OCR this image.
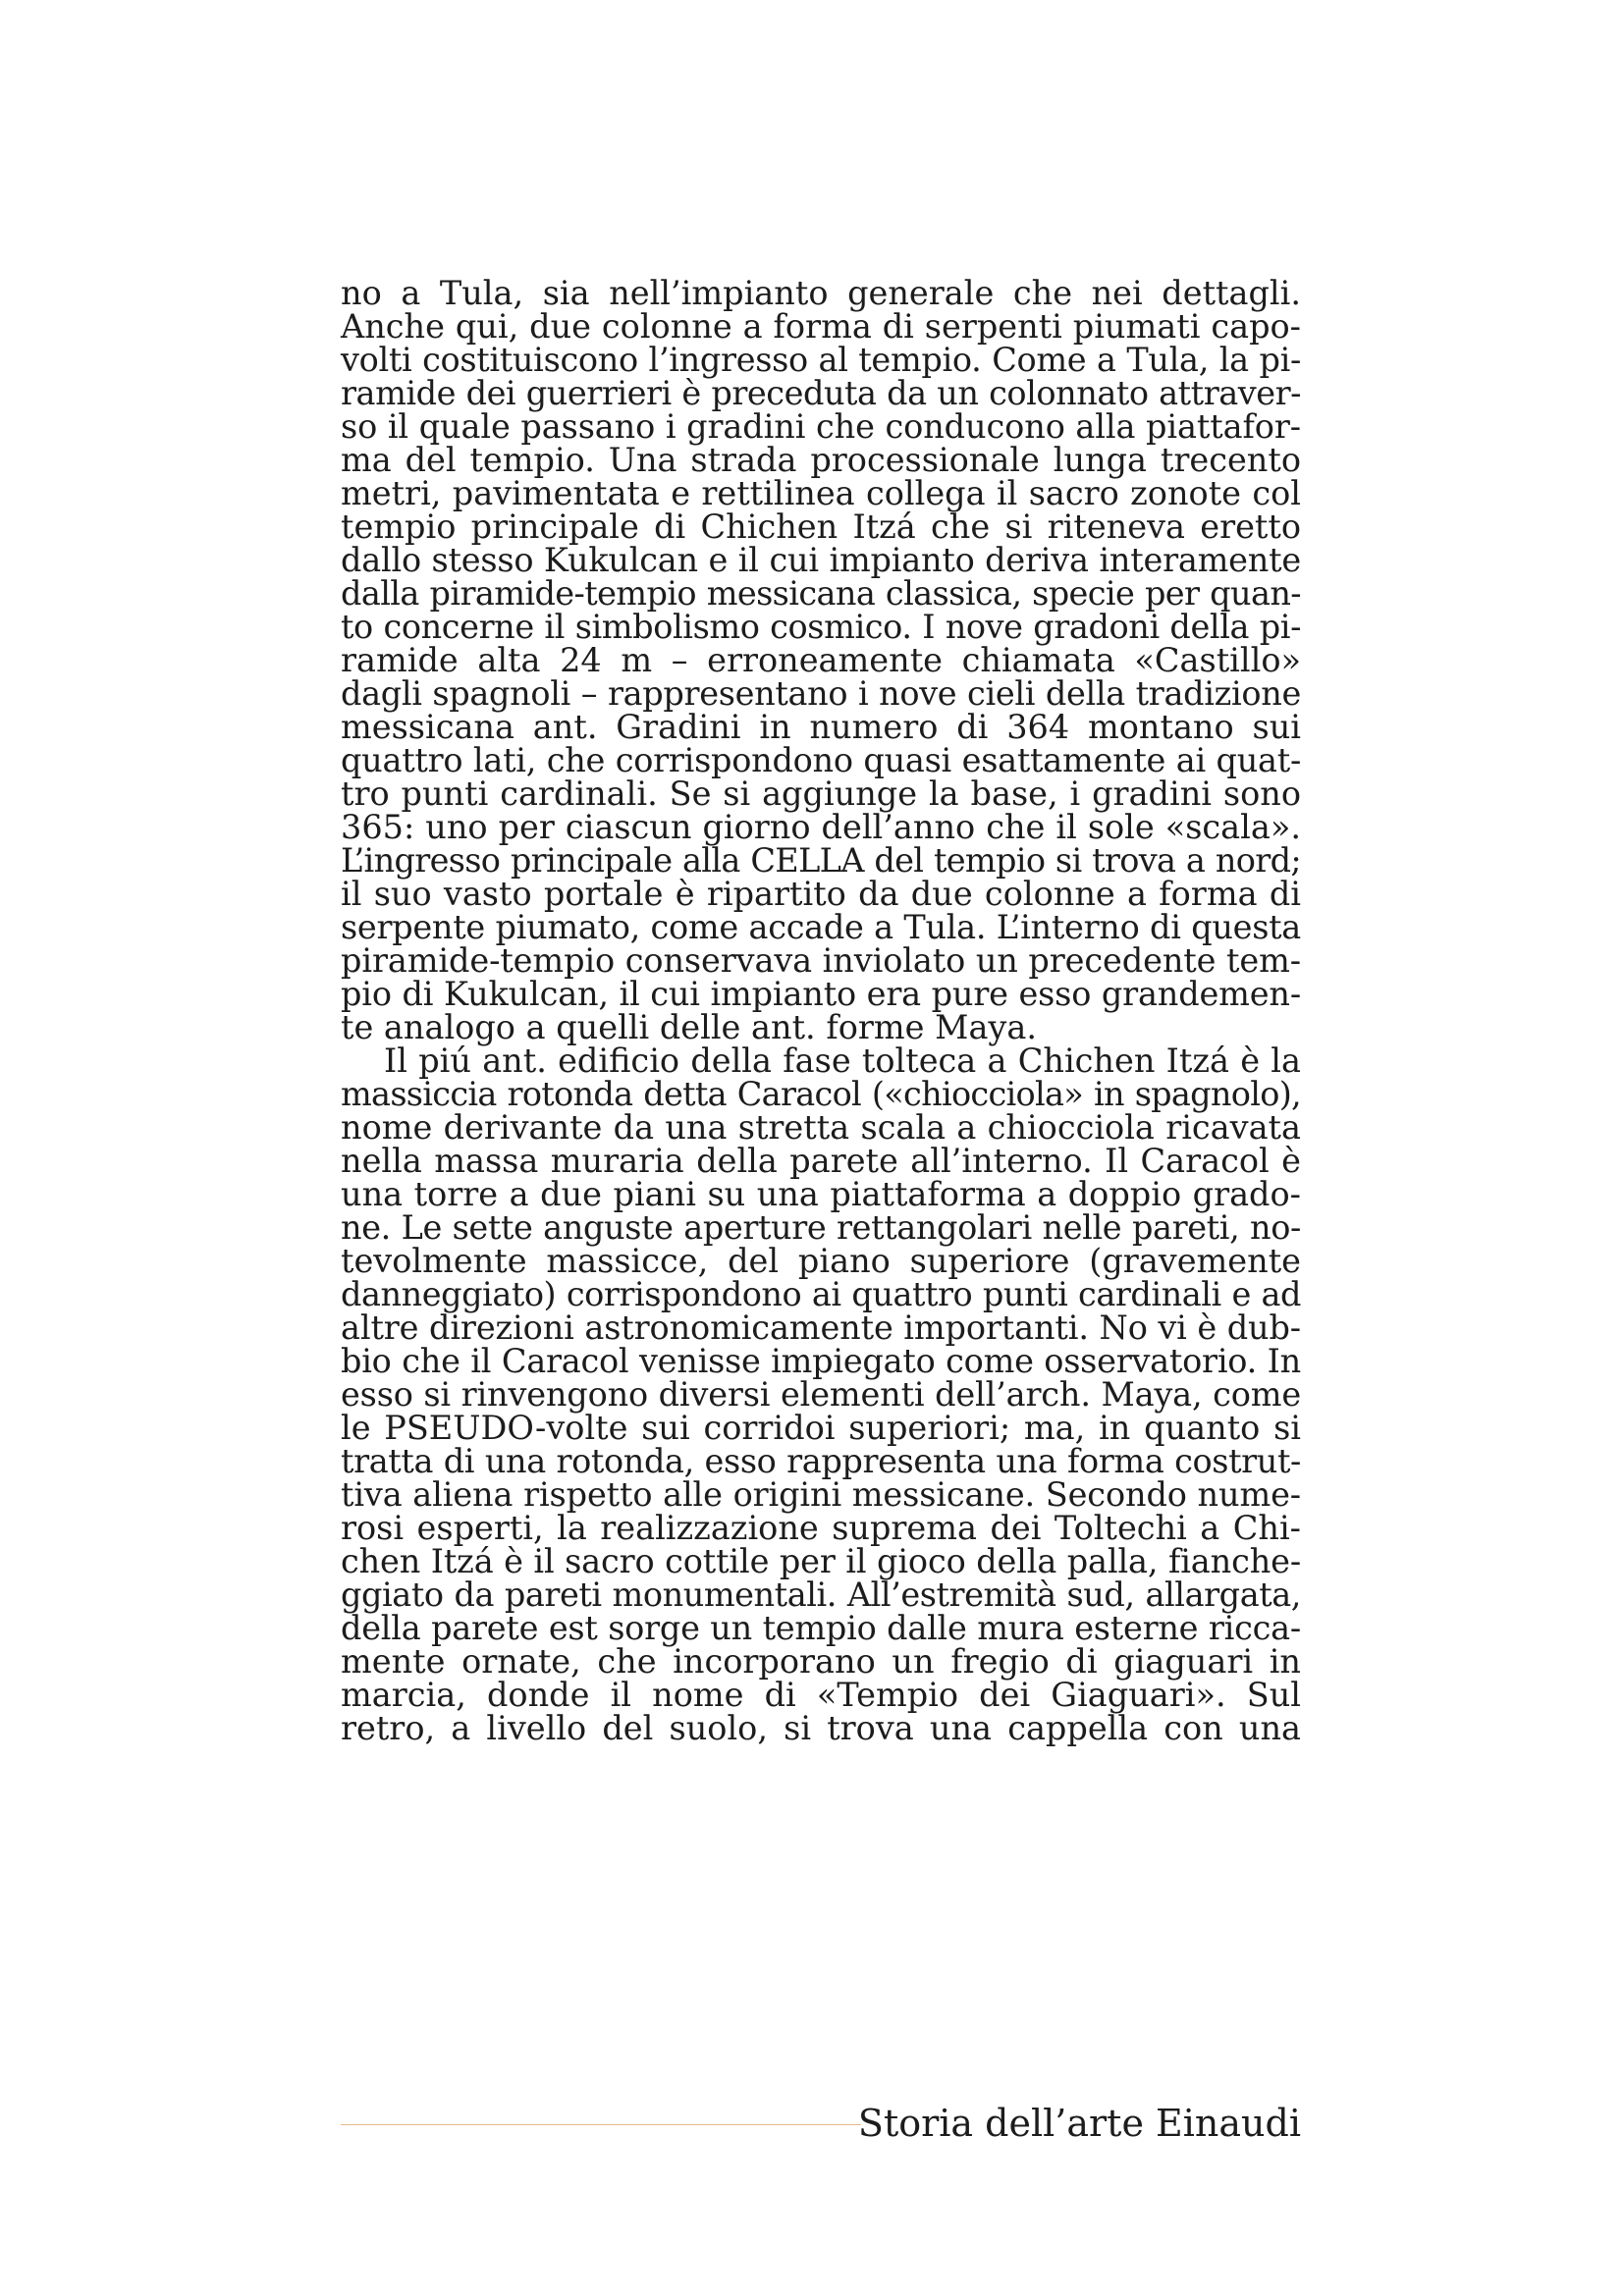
no a Tula, sia nell’impianto generale che nei dettagli.
Anche qui, due colonne a forma di serpenti piumati capo-
volti costituiscono l’ingresso al tempio. Come a Tula, la pi-
ramide dei guerrieri è preceduta da un colonnato attraver-
so il quale passano i gradini che conducono alla piattafor-
ma del tempio. Una strada processionale lunga trecento
metri, pavimentata e rettilinea collega il sacro zonote col
tempio principale di Chichen Itzá che si riteneva eretto
dallo stesso Kukulcan e il cui impianto deriva interamente
dalla piramide-tempio messicana classica, specie per quan-
to concerne il simbolismo cosmico. I nove gradoni della pi-
ramide alta 24 m – erroneamente chiamata «Castillo»
dagli spagnoli – rappresentano i nove cieli della tradizione
messicana ant. Gradini in numero di 364 montano sui
quattro lati, che corrispondono quasi esattamente ai quat-
tro punti cardinali. Se si aggiunge la base, i gradini sono
365: uno per ciascun giorno dell’anno che il sole «scala».
L’ingresso principale alla CELLA del tempio si trova a nord;
il suo vasto portale è ripartito da due colonne a forma di
serpente piumato, come accade a Tula. L’interno di questa
piramide-tempio conservava inviolato un precedente tem-
pio di Kukulcan, il cui impianto era pure esso grandemen-
te analogo a quelli delle ant. forme Maya.
Il piú ant. edificio della fase tolteca a Chichen Itzá è la
massiccia rotonda detta Caracol («chiocciola» in spagnolo),
nome derivante da una stretta scala a chiocciola ricavata
nella massa muraria della parete all’interno. Il Caracol è
una torre a due piani su una piattaforma a doppio grado-
ne. Le sette anguste aperture rettangolari nelle pareti, no-
tevolmente massicce, del piano superiore (gravemente
danneggiato) corrispondono ai quattro punti cardinali e ad
altre direzioni astronomicamente importanti. No vi è dub-
bio che il Caracol venisse impiegato come osservatorio. In
esso si rinvengono diversi elementi dell’arch. Maya, come
le PSEUDO-volte sui corridoi superiori; ma, in quanto si
tratta di una rotonda, esso rappresenta una forma costrut-
tiva aliena rispetto alle origini messicane. Secondo nume-
rosi esperti, la realizzazione suprema dei Toltechi a Chi-
chen Itzá è il sacro cottile per il gioco della palla, fianche-
ggiato da pareti monumentali. All’estremità sud, allargata,
della parete est sorge un tempio dalle mura esterne ricca-
mente ornate, che incorporano un fregio di giaguari in
marcia, donde il nome di «Tempio dei Giaguari». Sul
retro, a livello del suolo, si trova una cappella con una
Storia dell’arte Einaudi
